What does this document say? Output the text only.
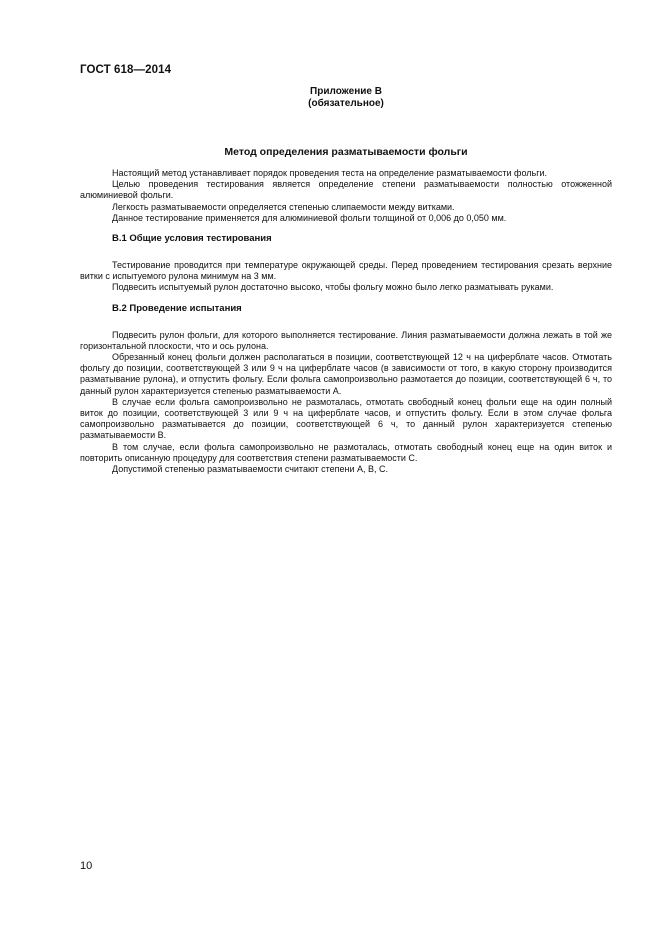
ГОСТ 618—2014
Приложение В
(обязательное)
Метод определения разматываемости фольги

Настоящий метод устанавливает порядок проведения теста на определение разматываемости фольги.

Целью проведения тестирования является определение степени разматываемости полностью отожженной алюминиевой фольги.

Легкость разматываемости определяется степенью слипаемости между витками.

Данное тестирование применяется для алюминиевой фольги толщиной от 0,006 до 0,050 мм.

В.1 Общие условия тестирования

Тестирование проводится при температуре окружающей среды. Перед проведением тестирования срезать верхние витки с испытуемого рулона минимум на 3 мм.

Подвесить испытуемый рулон достаточно высоко, чтобы фольгу можно было легко разматывать руками.

В.2 Проведение испытания

Подвесить рулон фольги, для которого выполняется тестирование. Линия разматываемости должна лежать в той же горизонтальной плоскости, что и ось рулона.

Обрезанный конец фольги должен располагаться в позиции, соответствующей 12 ч на циферблате часов. Отмотать фольгу до позиции, соответствующей 3 или 9 ч на циферблате часов (в зависимости от того, в какую сторону производится разматывание рулона), и отпустить фольгу. Если фольга самопроизвольно размотается до позиции, соответствующей 6 ч, то данный рулон характеризуется степенью разматываемости А.

В случае если фольга самопроизвольно не размоталась, отмотать свободный конец фольги еще на один полный виток до позиции, соответствующей 3 или 9 ч на циферблате часов, и отпустить фольгу. Если в этом случае фольга самопроизвольно разматывается до позиции, соответствующей 6 ч, то данный рулон характеризуется степенью разматываемости В.

В том случае, если фольга самопроизвольно не размоталась, отмотать свободный конец еще на один виток и повторить описанную процедуру для соответствия степени разматываемости С.

Допустимой степенью разматываемости считают степени А, В, С.

10
